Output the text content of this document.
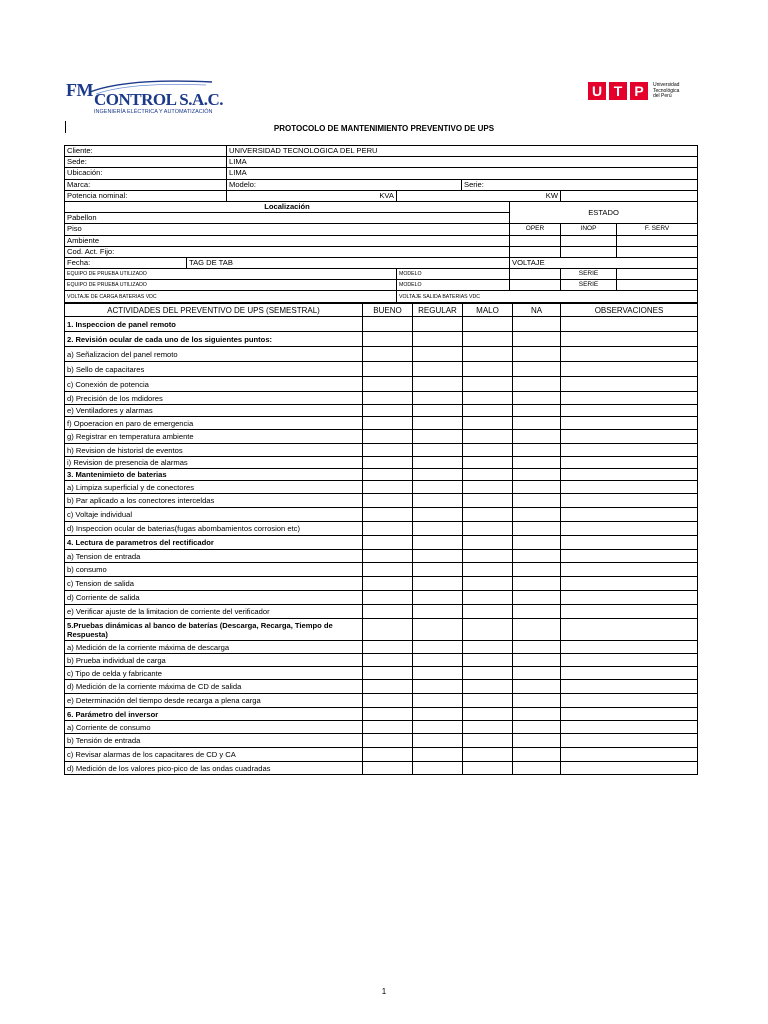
FM CONTROL S.A.C.
INGENIERÍA ELÉCTRICA Y AUTOMATIZACIÓN
U T P	Universidad
Tecnológica
del Perú
PROTOCOLO DE MANTENIMIENTO PREVENTIVO DE UPS
Cliente:		UNIVERSIDAD TECNOLOGICA DEL PERU					
Sede:		LIMA					
Ubicación:		LIMA					
Marca:		Modelo:		Serie:			
Potencia nominal:		KVA	KW				
Localización					ESTADO		
Pabellon							
Piso					OPER	INOP	F. SERV
Ambiente							
Cod. Act. Fijo:							
Fecha:	TAG DE TAB				VOLTAJE		
EQUIPO DE PRUEBA UTILIZADO			MODELO			SERIE	
EQUIPO DE PRUEBA UTILIZADO			MODELO			SERIE	
VOLTAJE DE CARGA BATERIAS VDC			VOLTAJE SALIDA BATERIAS VDC				
ACTIVIDADES DEL PREVENTIVO DE UPS (SEMESTRAL)	BUENO	REGULAR	MALO	NA	OBSERVACIONES
1. Inspeccion de panel remoto					
2. Revisión ocular de cada uno de los siguientes puntos:					
a) Señalizacion del panel remoto					
b) Sello de capacitares					
c) Conexión de potencia					
d) Precisión de los mdidores					
e) Ventiladores y alarmas					
f) Opoeracion en paro de emergencia					
g) Registrar en temperatura ambiente					
h) Revision de historisl de eventos					
i) Revision de presencia de alarmas					
3. Mantenimieto de baterias					
a) Limpiza superficial y de conectores					
b) Par aplicado a los conectores interceldas					
c) Voltaje individual					
d) Inspeccion ocular de baterias(fugas abombamientos corrosion etc)					
4. Lectura de parametros del rectificador					
a) Tension de entrada					
b) consumo					
c) Tension de salida					
d) Corriente de salida					
e) Verificar ajuste de la limitacion de corriente del verificador					
5.Pruebas dinámicas al banco de baterías (Descarga, Recarga, Tiempo de Respuesta)					
a) Medición de la corriente máxima de descarga					
b) Prueba individual de carga					
c) Tipo de celda y fabricante					
d) Medición de la corriente máxima de CD de salida					
e) Determinación del tiempo desde recarga a plena carga					
6. Parámetro del inversor					
a) Corriente de consumo					
b) Tensión de entrada					
c) Revisar alarmas de los capacitares de CD y CA					
d) Medición de los valores pico-pico de las ondas cuadradas					
1
